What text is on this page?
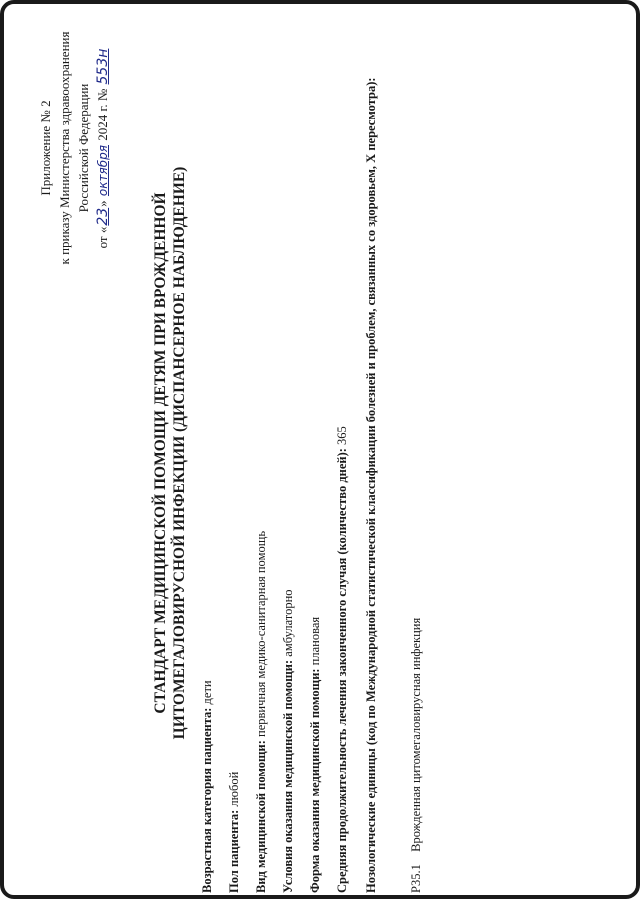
Приложение № 2 к приказу Министерства здравоохранения Российской Федерации
от «23» октября 2024 г. № 553н
СТАНДАРТ МЕДИЦИНСКОЙ ПОМОЩИ ДЕТЯМ ПРИ ВРОЖДЕННОЙ ЦИТОМЕГАЛОВИРУСНОЙ ИНФЕКЦИИ (ДИСПАНСЕРНОЕ НАБЛЮДЕНИЕ)
Возрастная категория пациента: дети
Пол пациента: любой	Вид медицинской помощи: первичная медико-санитарная помощь
Условия оказания медицинской помощи: амбулаторно
Форма оказания медицинской помощи: плановая	Средняя продолжительность лечения законченного случая (количество дней): 365	Нозологические единицы (код по Международной статистической классификации болезней и проблем, связанных со здоровьем, X пересмотра):	P35.1 Врожденная цитомегаловирусная инфекция
